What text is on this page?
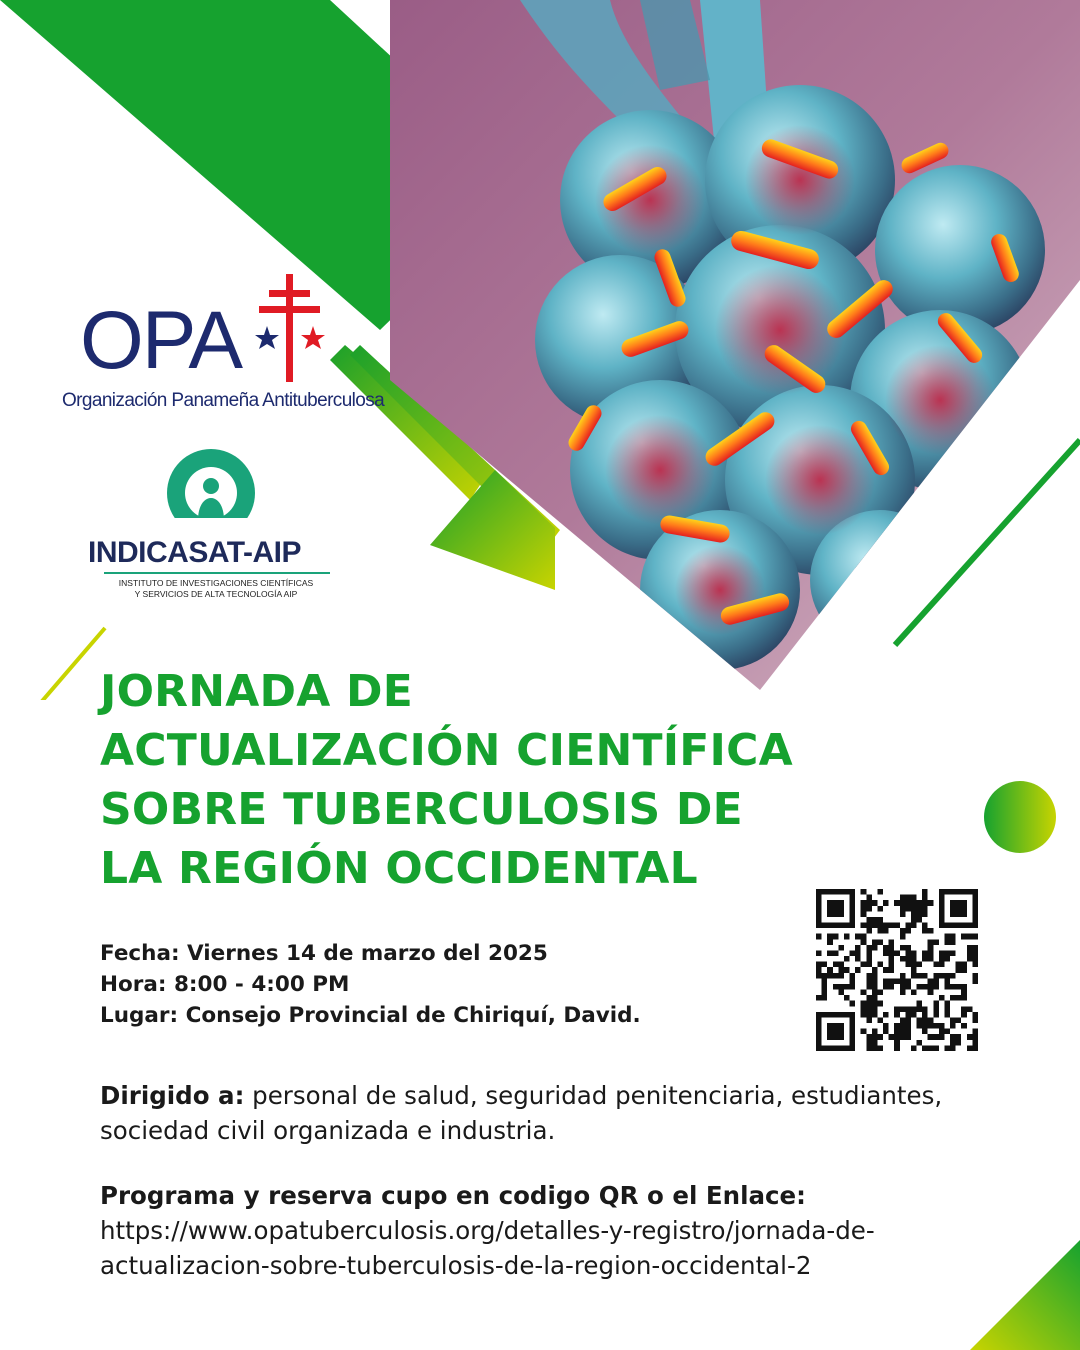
OPA
Organización Panameña Antituberculosa
INDICASAT-AIP
INSTITUTO DE INVESTIGACIONES CIENTÍFICAS
Y SERVICIOS DE ALTA TECNOLOGÍA AIP
JORNADA DE
ACTUALIZACIÓN CIENTÍFICA
SOBRE TUBERCULOSIS DE
LA REGIÓN OCCIDENTAL
Fecha: Viernes 14 de marzo del 2025
Hora: 8:00 - 4:00 PM
Lugar: Consejo Provincial de Chiriquí, David.
Dirigido a: personal de salud, seguridad penitenciaria, estudiantes, sociedad civil organizada e industria.
Programa y reserva cupo en codigo QR o el Enlace:
https://www.opatuberculosis.org/detalles-y-registro/jornada-de-
actualizacion-sobre-tuberculosis-de-la-region-occidental-2
